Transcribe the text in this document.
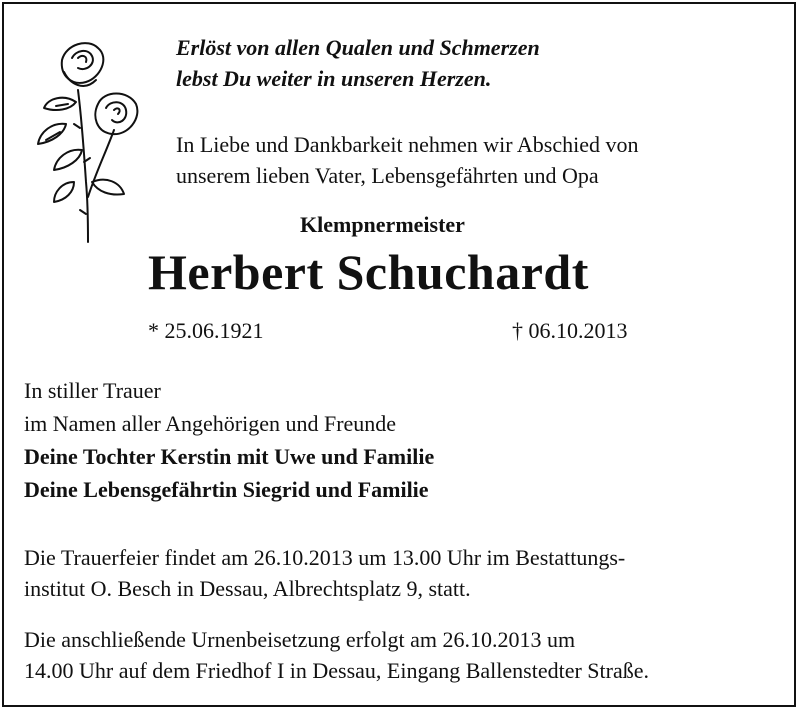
Erlöst von allen Qualen und Schmerzen
lebst Du weiter in unseren Herzen.
In Liebe und Dankbarkeit nehmen wir Abschied von
unserem lieben Vater, Lebensgefährten und Opa
Klempnermeister
Herbert Schuchardt
* 25.06.1921	† 06.10.2013
In stiller Trauer
im Namen aller Angehörigen und Freunde
Deine Tochter Kerstin mit Uwe und Familie
Deine Lebensgefährtin Siegrid und Familie
Die Trauerfeier findet am 26.10.2013 um 13.00 Uhr im Bestattungs-
institut O. Besch in Dessau, Albrechtsplatz 9, statt.
Die anschließende Urnenbeisetzung erfolgt am 26.10.2013 um
14.00 Uhr auf dem Friedhof I in Dessau, Eingang Ballenstedter Straße.
